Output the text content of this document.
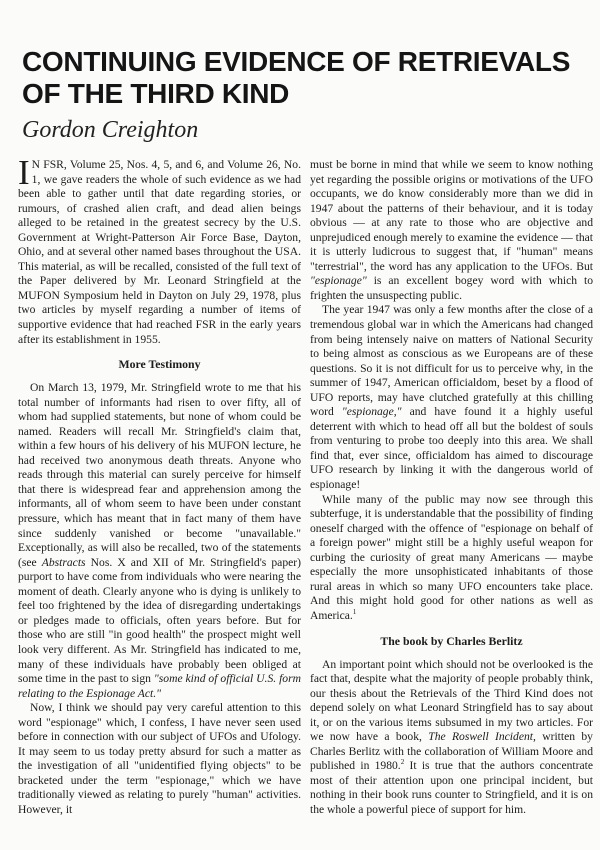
CONTINUING EVIDENCE OF RETRIEVALS OF THE THIRD KIND
Gordon Creighton

I N FSR, Volume 25, Nos. 4, 5, and 6, and Volume 26, No. 1, we gave readers the whole of such evidence as we had been able to gather until that date regarding stories, or rumours, of crashed alien craft, and dead alien beings alleged to be retained in the greatest secrecy by the U.S. Government at Wright-Patterson Air Force Base, Dayton, Ohio, and at several other named bases throughout the USA. This material, as will be recalled, consisted of the full text of the Paper delivered by Mr. Leonard Stringfield at the MUFON Symposium held in Dayton on July 29, 1978, plus two articles by myself regarding a number of items of supportive evidence that had reached FSR in the early years after its establishment in 1955.

More Testimony

On March 13, 1979, Mr. Stringfield wrote to me that his total number of informants had risen to over fifty, all of whom had supplied statements, but none of whom could be named. Readers will recall Mr. Stringfield's claim that, within a few hours of his delivery of his MUFON lecture, he had received two anonymous death threats. Anyone who reads through this material can surely perceive for himself that there is widespread fear and apprehension among the informants, all of whom seem to have been under constant pressure, which has meant that in fact many of them have since suddenly vanished or become "unavailable." Exceptionally, as will also be recalled, two of the statements (see Abstracts Nos. X and XII of Mr. Stringfield's paper) purport to have come from individuals who were nearing the moment of death. Clearly anyone who is dying is unlikely to feel too frightened by the idea of disregarding undertakings or pledges made to officials, often years before. But for those who are still "in good health" the prospect might well look very different. As Mr. Stringfield has indicated to me, many of these individuals have probably been obliged at some time in the past to sign "some kind of official U.S. form relating to the Espionage Act."

Now, I think we should pay very careful attention to this word "espionage" which, I confess, I have never seen used before in connection with our subject of UFOs and Ufology. It may seem to us today pretty absurd for such a matter as the investigation of all "unidentified flying objects" to be bracketed under the term "espionage," which we have traditionally viewed as relating to purely "human" activities. However, it

must be borne in mind that while we seem to know nothing yet regarding the possible origins or motivations of the UFO occupants, we do know considerably more than we did in 1947 about the patterns of their behaviour, and it is today obvious — at any rate to those who are objective and unprejudiced enough merely to examine the evidence — that it is utterly ludicrous to suggest that, if "human" means "terrestrial", the word has any application to the UFOs. But "espionage" is an excellent bogey word with which to frighten the unsuspecting public.

The year 1947 was only a few months after the close of a tremendous global war in which the Americans had changed from being intensely naive on matters of National Security to being almost as conscious as we Europeans are of these questions. So it is not difficult for us to perceive why, in the summer of 1947, American officialdom, beset by a flood of UFO reports, may have clutched gratefully at this chilling word "espionage," and have found it a highly useful deterrent with which to head off all but the boldest of souls from venturing to probe too deeply into this area. We shall find that, ever since, officialdom has aimed to discourage UFO research by linking it with the dangerous world of espionage!

While many of the public may now see through this subterfuge, it is understandable that the possibility of finding oneself charged with the offence of "espionage on behalf of a foreign power" might still be a highly useful weapon for curbing the curiosity of great many Americans — maybe especially the more unsophisticated inhabitants of those rural areas in which so many UFO encounters take place. And this might hold good for other nations as well as America.$^1$

The book by Charles Berlitz

An important point which should not be overlooked is the fact that, despite what the majority of people probably think, our thesis about the Retrievals of the Third Kind does not depend solely on what Leonard Stringfield has to say about it, or on the various items subsumed in my two articles. For we now have a book, The Roswell Incident, written by Charles Berlitz with the collaboration of William Moore and published in 1980.$^2$ It is true that the authors concentrate most of their attention upon one principal incident, but nothing in their book runs counter to Stringfield, and it is on the whole a powerful piece of support for him.
